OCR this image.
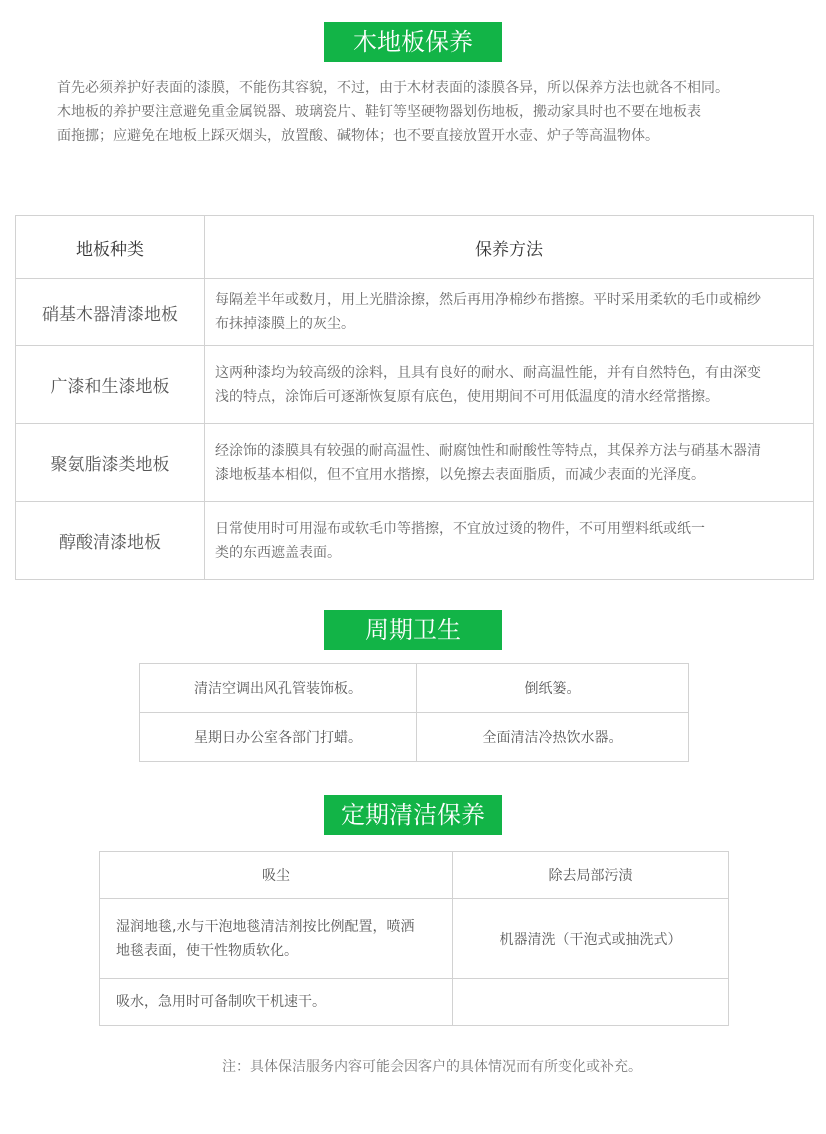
木地板保养

首先必须养护好表面的漆膜，不能伤其容貌，不过，由于木材表面的漆膜各异，所以保养方法也就各不相同。

木地板的养护要注意避免重金属锐器、玻璃瓷片、鞋钉等坚硬物器划伤地板，搬动家具时也不要在地板表

面拖挪；应避免在地板上踩灭烟头，放置酸、碱物体；也不要直接放置开水壶、炉子等高温物体。

地板种类	保养方法
硝基木器清漆地板	每隔差半年或数月，用上光腊涂擦，然后再用净棉纱布揩擦。平时采用柔软的毛巾或棉纱
布抹掉漆膜上的灰尘。
广漆和生漆地板	这两种漆均为较高级的涂料，且具有良好的耐水、耐高温性能，并有自然特色，有由深变
浅的特点，涂饰后可逐渐恢复原有底色，使用期间不可用低温度的清水经常揩擦。
聚氨脂漆类地板	经涂饰的漆膜具有较强的耐高温性、耐腐蚀性和耐酸性等特点，其保养方法与硝基木器清
漆地板基本相似，但不宜用水揩擦，以免擦去表面脂质，而减少表面的光泽度。
醇酸清漆地板	日常使用时可用湿布或软毛巾等揩擦，不宜放过烫的物件，不可用塑料纸或纸一
类的东西遮盖表面。
周期卫生
清洁空调出风孔管装饰板。	倒纸篓。
星期日办公室各部门打蜡。	全面清洁冷热饮水器。
定期清洁保养
吸尘	除去局部污渍
湿润地毯,水与干泡地毯清洁剂按比例配置，喷洒
地毯表面，使干性物质软化。	机器清洗（干泡式或抽洗式）
吸水，急用时可备制吹干机速干。	
注：具体保洁服务内容可能会因客户的具体情况而有所变化或补充。
